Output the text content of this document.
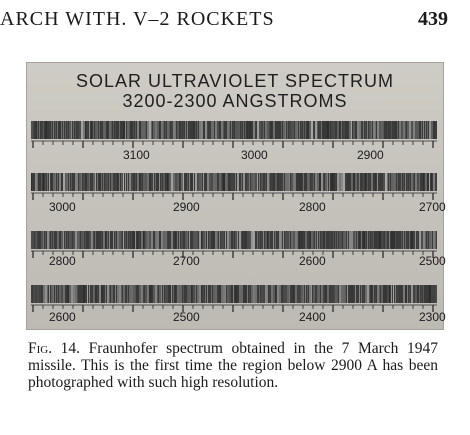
ARCH WITH. V–2 ROCKETS	439
SOLAR ULTRAVIOLET SPECTRUM
3200-2300 ANGSTROMS
3100	3000	2900
3000	2900	2800	2700
2800	2700	2600	2500
2600	2500	2400	2300
Fig. 14. Fraunhofer spectrum obtained in the 7 March 1947 missile. This is the first time the region below 2900 A has been photographed with such high resolution.
